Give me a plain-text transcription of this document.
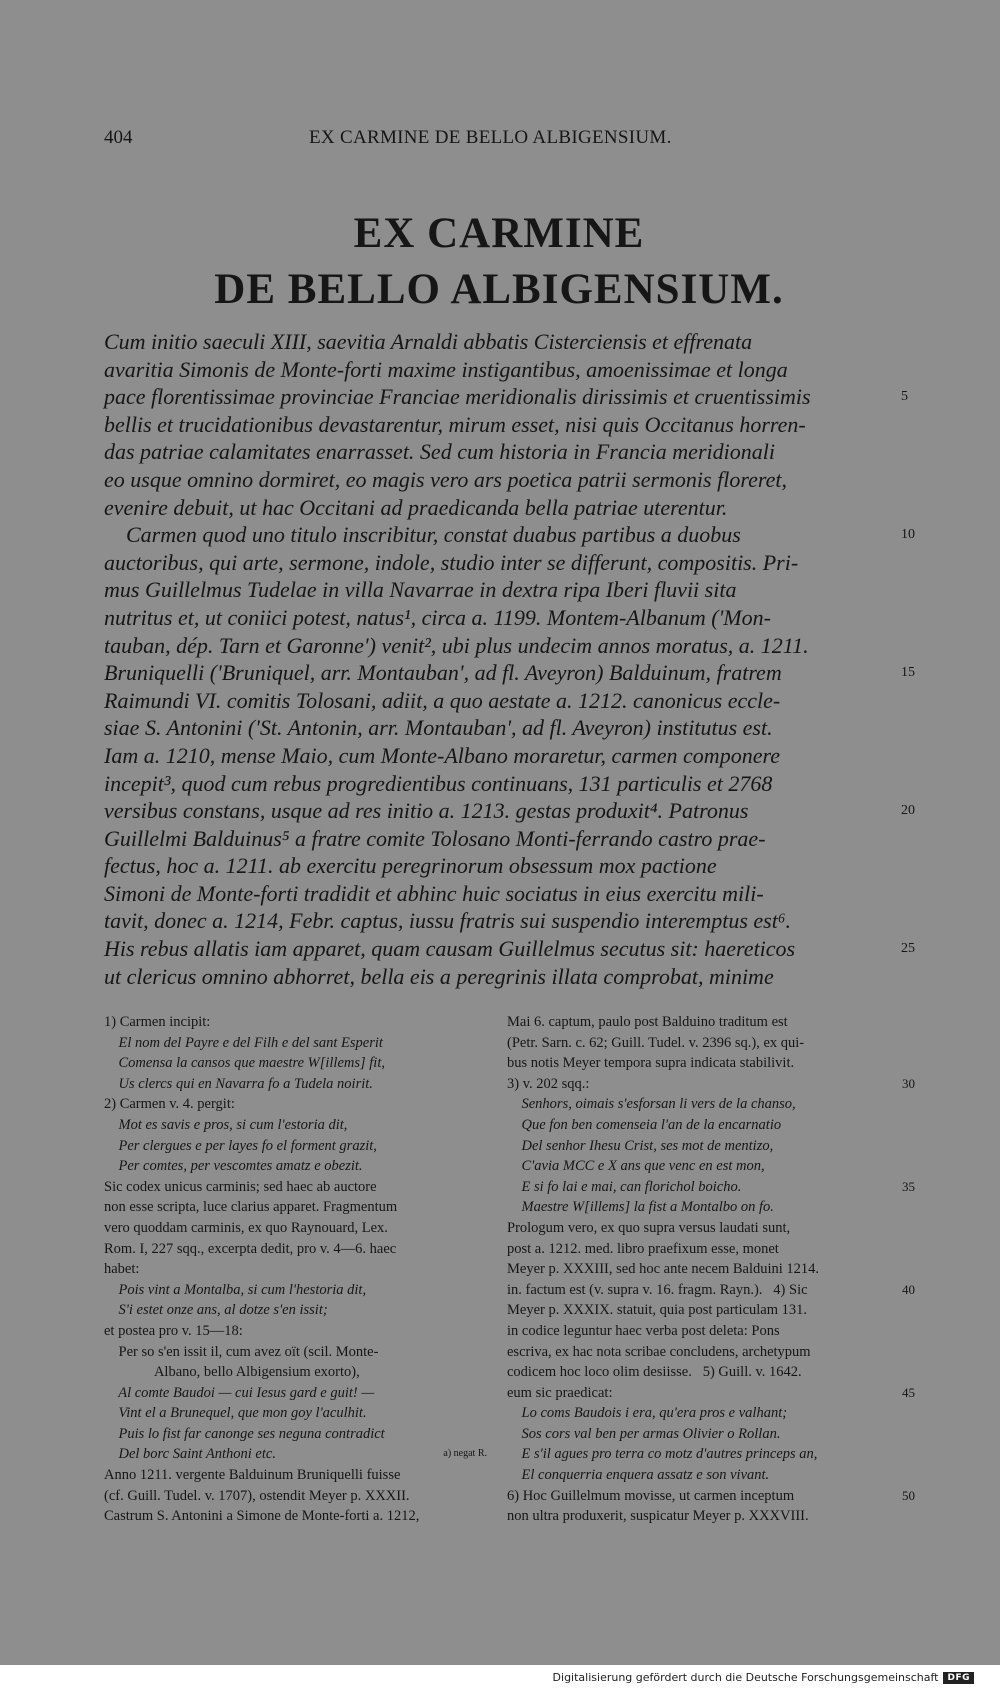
404	EX CARMINE DE BELLO ALBIGENSIUM.
EX CARMINE
DE BELLO ALBIGENSIUM.
Cum initio saeculi XIII, saevitia Arnaldi abbatis Cisterciensis et effrenata
avaritia Simonis de Monte-forti maxime instigantibus, amoenissimae et longa
pace florentissimae provinciae Franciae meridionalis dirissimis et cruentissimis	5
bellis et trucidationibus devastarentur, mirum esset, nisi quis Occitanus horren-
das patriae calamitates enarrasset. Sed cum historia in Francia meridionali
eo usque omnino dormiret, eo magis vero ars poetica patrii sermonis floreret,
evenire debuit, ut hac Occitani ad praedicanda bella patriae uterentur.
Carmen quod uno titulo inscribitur, constat duabus partibus a duobus	10
auctoribus, qui arte, sermone, indole, studio inter se differunt, compositis. Pri-
mus Guillelmus Tudelae in villa Navarrae in dextra ripa Iberi fluvii sita
nutritus et, ut coniici potest, natus¹, circa a. 1199. Montem-Albanum ('Mon-
tauban, dép. Tarn et Garonne') venit², ubi plus undecim annos moratus, a. 1211.
Bruniquelli ('Bruniquel, arr. Montauban', ad fl. Aveyron) Balduinum, fratrem	15
Raimundi VI. comitis Tolosani, adiit, a quo aestate a. 1212. canonicus eccle-
siae S. Antonini ('St. Antonin, arr. Montauban', ad fl. Aveyron) institutus est.
Iam a. 1210, mense Maio, cum Monte-Albano moraretur, carmen componere
incepit³, quod cum rebus progredientibus continuans, 131 particulis et 2768
versibus constans, usque ad res initio a. 1213. gestas produxit⁴. Patronus	20
Guillelmi Balduinus⁵ a fratre comite Tolosano Monti-ferrando castro prae-
fectus, hoc a. 1211. ab exercitu peregrinorum obsessum mox pactione
Simoni de Monte-forti tradidit et abhinc huic sociatus in eius exercitu mili-
tavit, donec a. 1214, Febr. captus, iussu fratris sui suspendio interemptus est⁶.
His rebus allatis iam apparet, quam causam Guillelmus secutus sit: haereticos	25
ut clericus omnino abhorret, bella eis a peregrinis illata comprobat, minime
1) Carmen incipit:
El nom del Payre e del Filh e del sant Esperit
Comensa la cansos que maestre W[illems] fit,
Us clercs qui en Navarra fo a Tudela noirit.
2) Carmen v. 4. pergit:
Mot es savis e pros, si cum l'estoria dit,
Per clergues e per layes fo el forment grazit,
Per comtes, per vescomtes amatz e obezit.
Sic codex unicus carminis; sed haec ab auctore
non esse scripta, luce clarius apparet. Fragmentum
vero quoddam carminis, ex quo Raynouard, Lex.
Rom. I, 227 sqq., excerpta dedit, pro v. 4—6. haec
habet:
Pois vint a Montalba, si cum l'hestoria dit,
S'i estet onze ans, al dotze s'en issit;
et postea pro v. 15—18:
Per so s'en issit il, cum avez oït (scil. Monte-
Albano, bello Albigensium exorto),
Al comte Baudoi — cui Iesus gard e guit! —
Vint el a Brunequel, que mon goy l'aculhit.
Puis lo fist far canonge ses neguna contradict
Del borc Saint Anthoni etc.	a) negat R.
Anno 1211. vergente Balduinum Bruniquelli fuisse
(cf. Guill. Tudel. v. 1707), ostendit Meyer p. XXXII.
Castrum S. Antonini a Simone de Monte-forti a. 1212,
Mai 6. captum, paulo post Balduino traditum est
(Petr. Sarn. c. 62; Guill. Tudel. v. 2396 sq.), ex qui-
bus notis Meyer tempora supra indicata stabilivit.
3) v. 202 sqq.:	30
Senhors, oimais s'esforsan li vers de la chanso,
Que fon ben comenseia l'an de la encarnatio
Del senhor Ihesu Crist, ses mot de mentizo,
C'avia MCC e X ans que venc en est mon,
E si fo lai e mai, can florichol boicho.	35
Maestre W[illems] la fist a Montalbo on fo.
Prologum vero, ex quo supra versus laudati sunt,
post a. 1212. med. libro praefixum esse, monet
Meyer p. XXXIII, sed hoc ante necem Balduini 1214.
in. factum est (v. supra v. 16. fragm. Rayn.).   4) Sic	40
Meyer p. XXXIX. statuit, quia post particulam 131.
in codice leguntur haec verba post deleta: Pons
escriva, ex hac nota scribae concludens, archetypum
codicem hoc loco olim desiisse.   5) Guill. v. 1642.
eum sic praedicat:	45
Lo coms Baudois i era, qu'era pros e valhant;
Sos cors val ben per armas Olivier o Rollan.
E s'il agues pro terra co motz d'autres princeps an,
El conquerria enquera assatz e son vivant.
6) Hoc Guillelmum movisse, ut carmen inceptum	50
non ultra produxerit, suspicatur Meyer p. XXXVIII.
Digitalisierung gefördert durch die Deutsche Forschungsgemeinschaft	DFG
